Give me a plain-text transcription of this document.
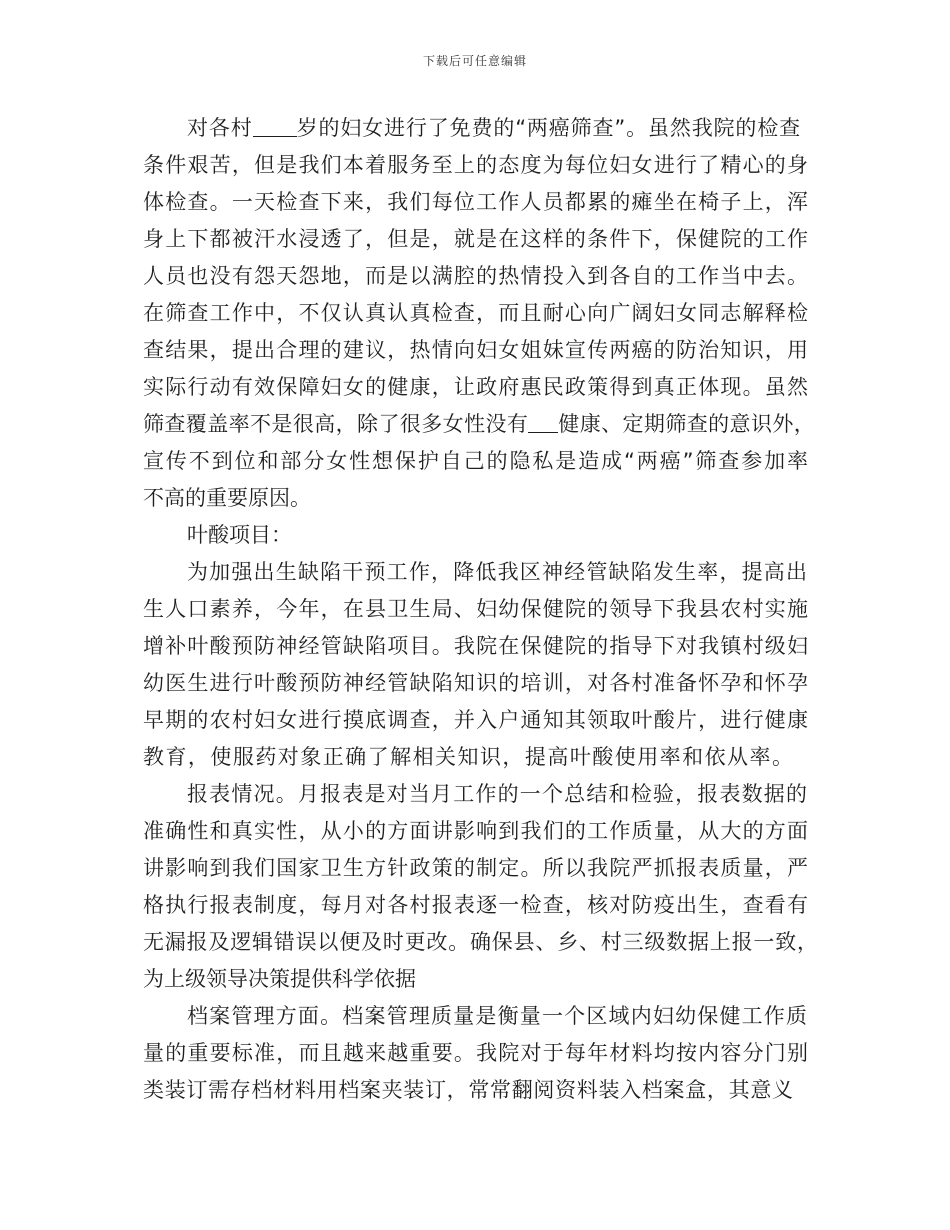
下载后可任意编辑
对各村 岁的妇女进行了免费的“两癌筛查”。虽然我院的检查
条件艰苦，但是我们本着服务至上的态度为每位妇女进行了精心的身
体检查。一天检查下来，我们每位工作人员都累的瘫坐在椅子上，浑
身上下都被汗水浸透了，但是，就是在这样的条件下，保健院的工作
人员也没有怨天怨地，而是以满腔的热情投入到各自的工作当中去。
在筛查工作中，不仅认真认真检查，而且耐心向广阔妇女同志解释检
查结果，提出合理的建议，热情向妇女姐妹宣传两癌的防治知识，用
实际行动有效保障妇女的健康，让政府惠民政策得到真正体现。虽然
筛查覆盖率不是很高，除了很多女性没有 健康、定期筛查的意识外，
宣传不到位和部分女性想保护自己的隐私是造成“两癌”筛查参加率
不高的重要原因。
叶酸项目：
为加强出生缺陷干预工作，降低我区神经管缺陷发生率，提高出
生人口素养，今年，在县卫生局、妇幼保健院的领导下我县农村实施
增补叶酸预防神经管缺陷项目。我院在保健院的指导下对我镇村级妇
幼医生进行叶酸预防神经管缺陷知识的培训，对各村准备怀孕和怀孕
早期的农村妇女进行摸底调查，并入户通知其领取叶酸片，进行健康
教育，使服药对象正确了解相关知识，提高叶酸使用率和依从率。
报表情况。月报表是对当月工作的一个总结和检验，报表数据的
准确性和真实性，从小的方面讲影响到我们的工作质量，从大的方面
讲影响到我们国家卫生方针政策的制定。所以我院严抓报表质量，严
格执行报表制度，每月对各村报表逐一检查，核对防疫出生，查看有
无漏报及逻辑错误以便及时更改。确保县、乡、村三级数据上报一致，
为上级领导决策提供科学依据
档案管理方面。档案管理质量是衡量一个区域内妇幼保健工作质
量的重要标准，而且越来越重要。我院对于每年材料均按内容分门别
类装订需存档材料用档案夹装订，常常翻阅资料装入档案盒，其意义
